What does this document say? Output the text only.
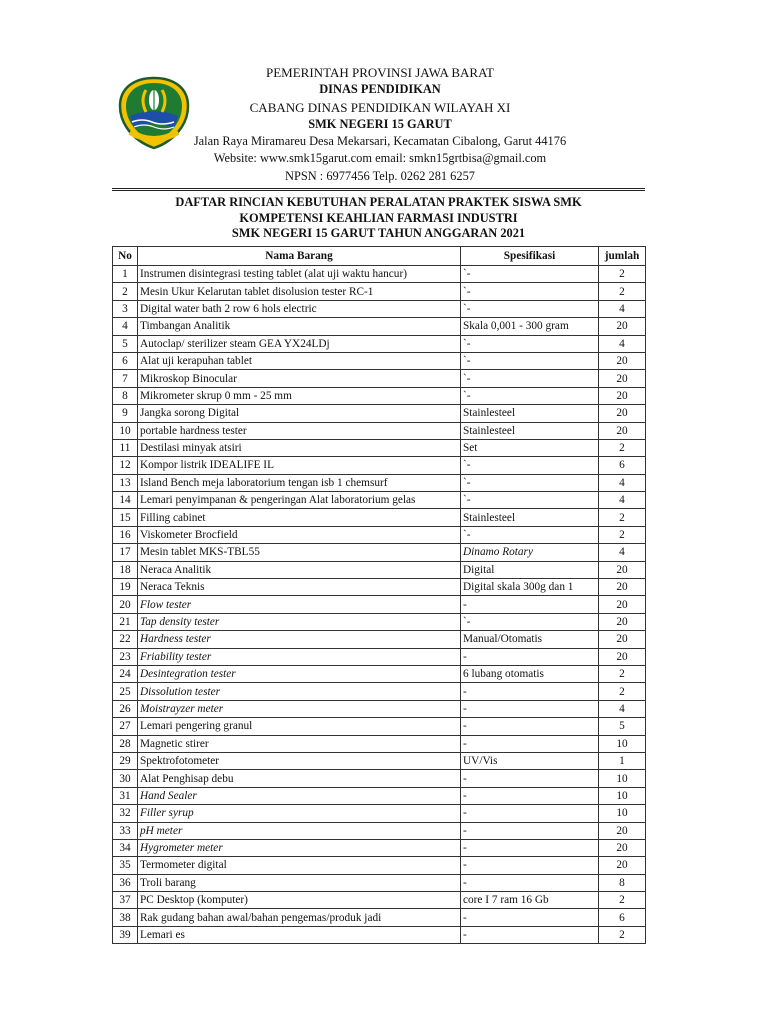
PEMERINTAH PROVINSI JAWA BARAT
DINAS PENDIDIKAN
CABANG DINAS PENDIDIKAN WILAYAH XI
SMK NEGERI 15 GARUT
Jalan Raya Miramareu Desa Mekarsari, Kecamatan Cibalong, Garut 44176
Website: www.smk15garut.com email: smkn15grtbisa@gmail.com
NPSN : 6977456 Telp. 0262 281 6257
DAFTAR RINCIAN KEBUTUHAN PERALATAN PRAKTEK SISWA SMK
KOMPETENSI KEAHLIAN FARMASI INDUSTRI
SMK NEGERI 15 GARUT TAHUN ANGGARAN 2021
No	Nama Barang	Spesifikasi	jumlah
1	Instrumen disintegrasi testing tablet (alat uji waktu hancur)	`-	2
2	Mesin Ukur Kelarutan tablet disolusion tester RC-1	`-	2
3	Digital water bath 2 row 6 hols electric	`-	4
4	Timbangan Analitik	Skala 0,001 - 300 gram	20
5	Autoclap/ sterilizer steam GEA YX24LDj	`-	4
6	Alat uji kerapuhan tablet	`-	20
7	Mikroskop Binocular	`-	20
8	Mikrometer skrup 0 mm - 25 mm	`-	20
9	Jangka sorong Digital	Stainlesteel	20
10	portable hardness tester	Stainlesteel	20
11	Destilasi minyak atsiri	Set	2
12	Kompor listrik IDEALIFE IL	`-	6
13	Island Bench meja laboratorium tengan isb 1 chemsurf	`-	4
14	Lemari penyimpanan & pengeringan Alat laboratorium gelas	`-	4
15	Filling cabinet	Stainlesteel	2
16	Viskometer Brocfield	`-	2
17	Mesin tablet MKS-TBL55	Dinamo Rotary	4
18	Neraca Analitik	Digital	20
19	Neraca Teknis	Digital skala 300g dan 1	20
20	Flow tester	-	20
21	Tap density tester	`-	20
22	Hardness tester	Manual/Otomatis	20
23	Friability tester	-	20
24	Desintegration tester	6 lubang otomatis	2
25	Dissolution tester	-	2
26	Moistrayzer meter	-	4
27	Lemari pengering granul	-	5
28	Magnetic stirer	-	10
29	Spektrofotometer	UV/Vis	1
30	Alat Penghisap debu	-	10
31	Hand Sealer	-	10
32	Filler syrup	-	10
33	pH meter	-	20
34	Hygrometer meter	-	20
35	Termometer digital	-	20
36	Troli barang	-	8
37	PC Desktop (komputer)	core I 7 ram 16 Gb	2
38	Rak gudang bahan awal/bahan pengemas/produk jadi	-	6
39	Lemari es	-	2
